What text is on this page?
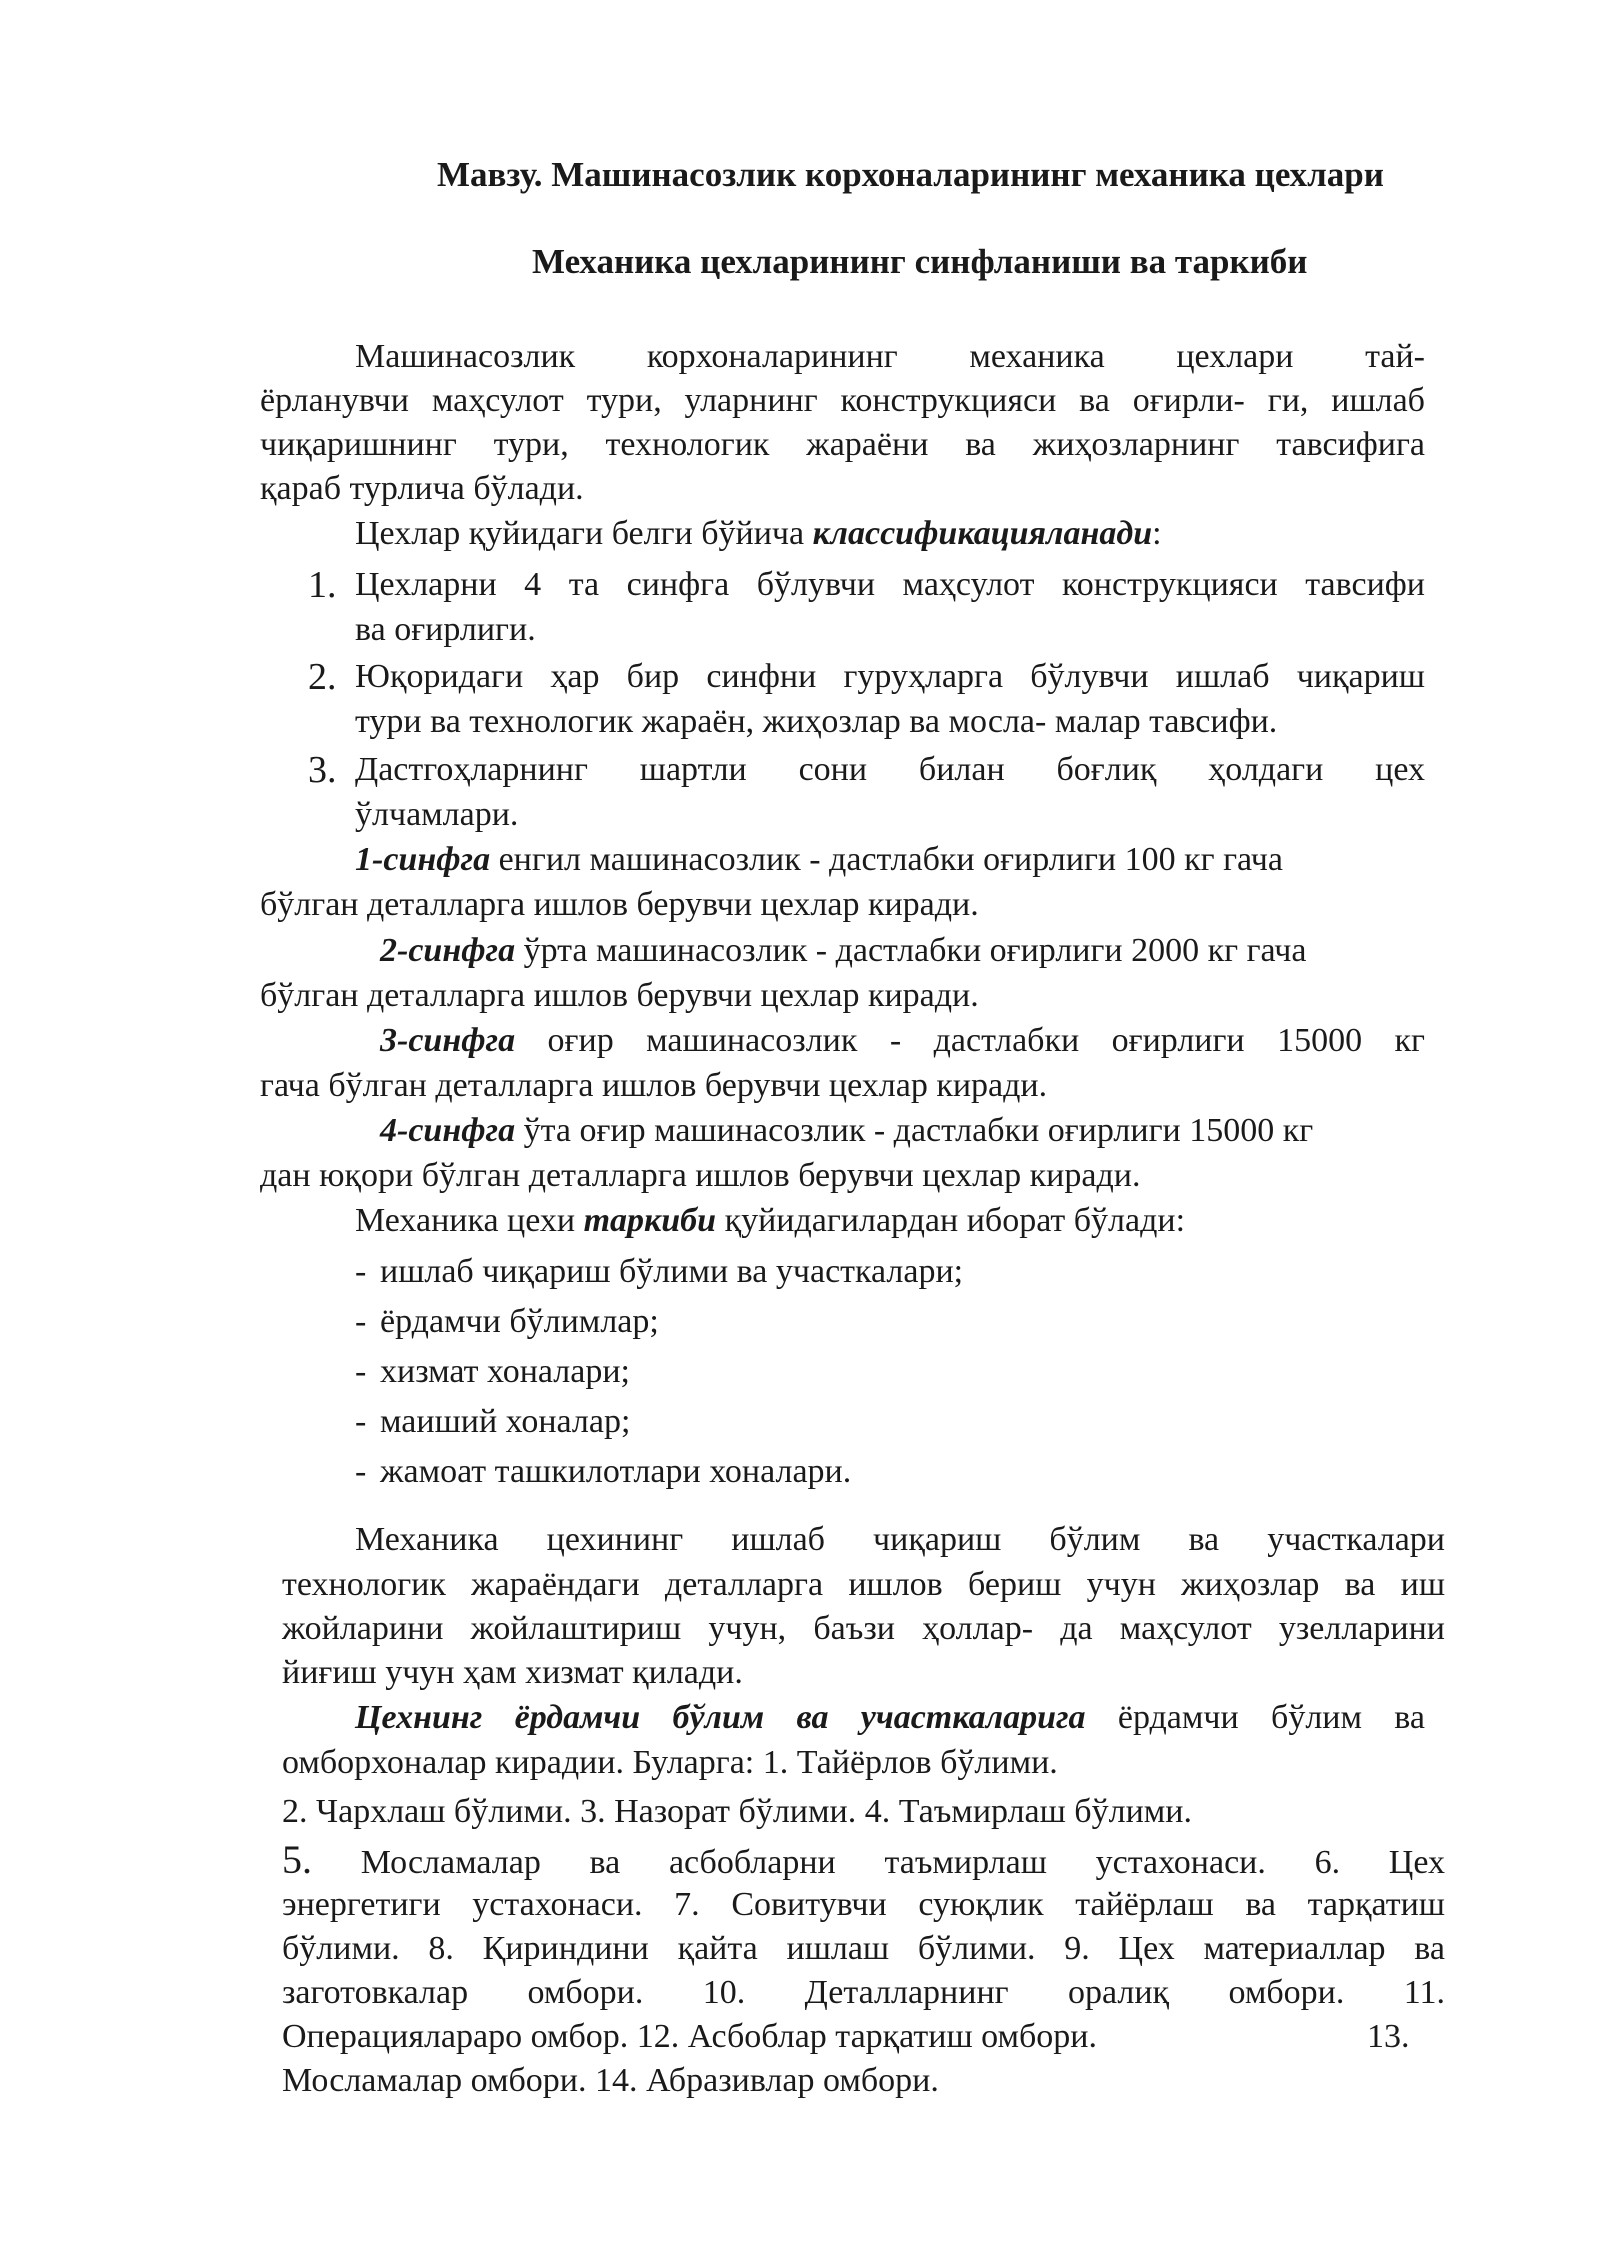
Мавзу. Машинасозлик корхоналарининг механика цехлари
Механика цехларининг синфланиши ва таркиби
Машинасозлик корхоналарининг механика цехлари тай-
ёрланувчи маҳсулот тури, уларнинг конструкцияси ва оғирли- ги, ишлаб
чиқаришнинг тури, технологик жараёни ва жиҳозларнинг тавсифига
қараб турлича бўлади.
Цехлар қуйидаги белги бўйича классификацияланади:
1. Цехларни 4 та синфга бўлувчи маҳсулот конструкцияси тавсифи
ва оғирлиги.
2. Юқоридаги ҳар бир синфни гуруҳларга бўлувчи ишлаб чиқариш
тури ва технологик жараён, жиҳозлар ва мосла- малар тавсифи.
3. Дастгоҳларнинг шартли сони билан боғлиқ ҳолдаги цех
ўлчамлари.
1-синфга енгил машинасозлик - дастлабки оғирлиги 100 кг гача
бўлган деталларга ишлов берувчи цехлар киради.
2-синфга ўрта машинасозлик - дастлабки оғирлиги 2000 кг гача
бўлган деталларга ишлов берувчи цехлар киради.
3-синфга оғир машинасозлик - дастлабки оғирлиги 15000 кг
гача бўлган деталларга ишлов берувчи цехлар киради.
4-синфга ўта оғир машинасозлик - дастлабки оғирлиги 15000 кг
дан юқори бўлган деталларга ишлов берувчи цехлар киради.
Механика цехи таркиби қуйидагилардан иборат бўлади:
- ишлаб чиқариш бўлими ва участкалари;
- ёрдамчи бўлимлар;
- хизмат хоналари;
- маиший хоналар;
- жамоат ташкилотлари хоналари.
Механика цехининг ишлаб чиқариш бўлим ва участкалари
технологик жараёндаги деталларга ишлов бериш учун жиҳозлар ва иш
жойларини жойлаштириш учун, баъзи ҳоллар- да маҳсулот узелларини
йиғиш учун ҳам хизмат қилади.
Цехнинг ёрдамчи бўлим ва участкаларига ёрдамчи бўлим ва
омборхоналар кирадии. Буларга: 1. Тайёрлов бўлими.
2. Чархлаш бўлими. 3. Назорат бўлими. 4. Таъмирлаш бўлими.
5. Мосламалар ва асбобларни таъмирлаш устахонаси. 6. Цех
энергетиги устахонаси. 7. Совитувчи суюқлик тайёрлаш ва тарқатиш
бўлими. 8. Қириндини қайта ишлаш бўлими. 9. Цех материаллар ва
заготовкалар омбори. 10. Деталларнинг оралиқ омбори. 11.
Операцияларарo омбор. 12. Асбоблар тарқатиш омбори.	13.
Мосламалар омбори. 14. Абразивлар омбори.
